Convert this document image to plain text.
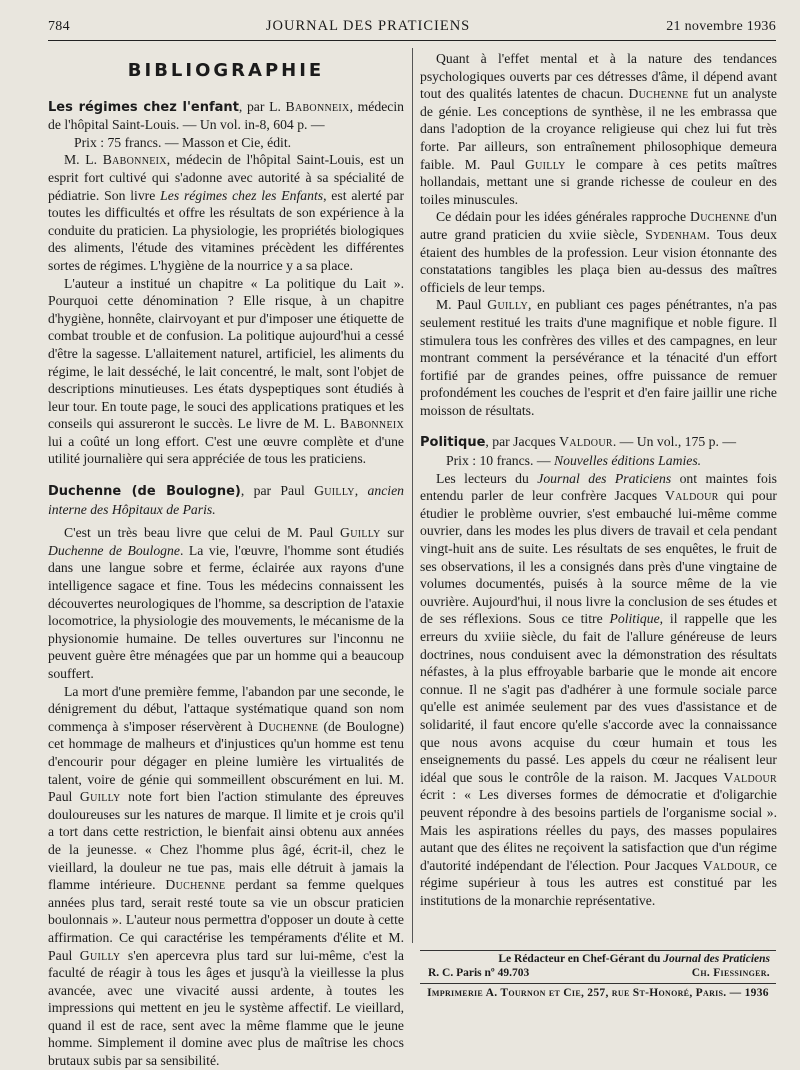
784	JOURNAL DES PRATICIENS	21 novembre 1936
BIBLIOGRAPHIE

Les régimes chez l'enfant, par L. Babonneix, médecin de l'hôpital Saint-Louis. — Un vol. in-8, 604 p. —
Prix : 75 francs. — Masson et Cie, édit.

M. L. Babonneix, médecin de l'hôpital Saint-Louis, est un esprit fort cultivé qui s'adonne avec autorité à sa spécialité de pédiatrie. Son livre Les régimes chez les Enfants, est alerté par toutes les difficultés et offre les résultats de son expérience à la conduite du praticien. La physiologie, les propriétés biologiques des aliments, l'étude des vitamines précèdent les différentes sortes de régimes. L'hygiène de la nourrice y a sa place.

L'auteur a institué un chapitre « La politique du Lait ». Pourquoi cette dénomination ? Elle risque, à un chapitre d'hygiène, honnête, clairvoyant et pur d'imposer une étiquette de combat trouble et de confusion. La politique aujourd'hui a cessé d'être la sagesse. L'allaitement naturel, artificiel, les aliments du régime, le lait desséché, le lait concentré, le malt, sont l'objet de descriptions minutieuses. Les états dyspeptiques sont étudiés à leur tour. En toute page, le souci des applications pratiques et les conseils qui assureront le succès. Le livre de M. L. Babonneix lui a coûté un long effort. C'est une œuvre complète et d'une utilité journalière qui sera appréciée de tous les praticiens.

Duchenne (de Boulogne), par Paul Guilly, ancien interne des Hôpitaux de Paris.

C'est un très beau livre que celui de M. Paul Guilly sur Duchenne de Boulogne. La vie, l'œuvre, l'homme sont étudiés dans une langue sobre et ferme, éclairée aux rayons d'une intelligence sagace et fine. Tous les médecins connaissent les découvertes neurologiques de l'homme, sa description de l'ataxie locomotrice, la physiologie des mouvements, le mécanisme de la physionomie humaine. De telles ouvertures sur l'inconnu ne peuvent guère être ménagées que par un homme qui a beaucoup souffert.

La mort d'une première femme, l'abandon par une seconde, le dénigrement du début, l'attaque systématique quand son nom commença à s'imposer réservèrent à Duchenne (de Boulogne) cet hommage de malheurs et d'injustices qu'un homme est tenu d'encourir pour dégager en pleine lumière les virtualités de talent, voire de génie qui sommeillent obscurément en lui. M. Paul Guilly note fort bien l'action stimulante des épreuves douloureuses sur les natures de marque. Il limite et je crois qu'il a tort dans cette restriction, le bienfait ainsi obtenu aux années de la jeunesse. « Chez l'homme plus âgé, écrit-il, chez le vieillard, la douleur ne tue pas, mais elle détruit à jamais la flamme intérieure. Duchenne perdant sa femme quelques années plus tard, serait resté toute sa vie un obscur praticien boulonnais ». L'auteur nous permettra d'opposer un doute à cette affirmation. Ce qui caractérise les tempéraments d'élite et M. Paul Guilly s'en apercevra plus tard sur lui-même, c'est la faculté de réagir à tous les âges et jusqu'à la vieillesse la plus avancée, avec une vivacité aussi ardente, à toutes les impressions qui mettent en jeu le système affectif. Le vieillard, quand il est de race, sent avec la même flamme que le jeune homme. Simplement il domine avec plus de maîtrise les chocs brutaux subis par sa sensibilité.

Quant à l'effet mental et à la nature des tendances psychologiques ouverts par ces détresses d'âme, il dépend avant tout des qualités latentes de chacun. Duchenne fut un analyste de génie. Les conceptions de synthèse, il ne les embrassa que dans l'adoption de la croyance religieuse qui chez lui fut très forte. Par ailleurs, son entraînement philosophique demeura faible. M. Paul Guilly le compare à ces petits maîtres hollandais, mettant une si grande richesse de couleur en des toiles minuscules.

Ce dédain pour les idées générales rapproche Duchenne d'un autre grand praticien du xviie siècle, Sydenham. Tous deux étaient des humbles de la profession. Leur vision étonnante des constatations tangibles les plaça bien au-dessus des maîtres officiels de leur temps.

M. Paul Guilly, en publiant ces pages pénétrantes, n'a pas seulement restitué les traits d'une magnifique et noble figure. Il stimulera tous les confrères des villes et des campagnes, en leur montrant comment la persévérance et la ténacité d'un effort fortifié par de grandes peines, offre puissance de remuer profondément les couches de l'esprit et d'en faire jaillir une riche moisson de résultats.

Politique, par Jacques Valdour. — Un vol., 175 p. —
Prix : 10 francs. — Nouvelles éditions Lamies.

Les lecteurs du Journal des Praticiens ont maintes fois entendu parler de leur confrère Jacques Valdour qui pour étudier le problème ouvrier, s'est embauché lui-même comme ouvrier, dans les modes les plus divers de travail et cela pendant vingt-huit ans de suite. Les résultats de ses enquêtes, le fruit de ses observations, il les a consignés dans près d'une vingtaine de volumes documentés, puisés à la source même de la vie ouvrière. Aujourd'hui, il nous livre la conclusion de ses études et de ses réflexions. Sous ce titre Politique, il rappelle que les erreurs du xviiie siècle, du fait de l'allure généreuse de leurs doctrines, nous conduisent avec la démonstration des résultats néfastes, à la plus effroyable barbarie que le monde ait encore connue. Il ne s'agit pas d'adhérer à une formule sociale parce qu'elle est animée seulement par des vues d'assistance et de solidarité, il faut encore qu'elle s'accorde avec la connaissance que nous avons acquise du cœur humain et tous les enseignements du passé. Les appels du cœur ne réalisent leur idéal que sous le contrôle de la raison. M. Jacques Valdour écrit : « Les diverses formes de démocratie et d'oligarchie peuvent répondre à des besoins partiels de l'organisme social ». Mais les aspirations réelles du pays, des masses populaires autant que des élites ne reçoivent la satisfaction que d'un régime d'autorité indépendant de l'élection. Pour Jacques Valdour, ce régime supérieur à tous les autres est constitué par les institutions de la monarchie représentative.

Le Rédacteur en Chef-Gérant du Journal des Praticiens
R. C. Paris nº 49.703	Ch. Fiessinger.
Imprimerie A. Tournon et Cie, 257, rue St-Honoré, Paris. — 1936
